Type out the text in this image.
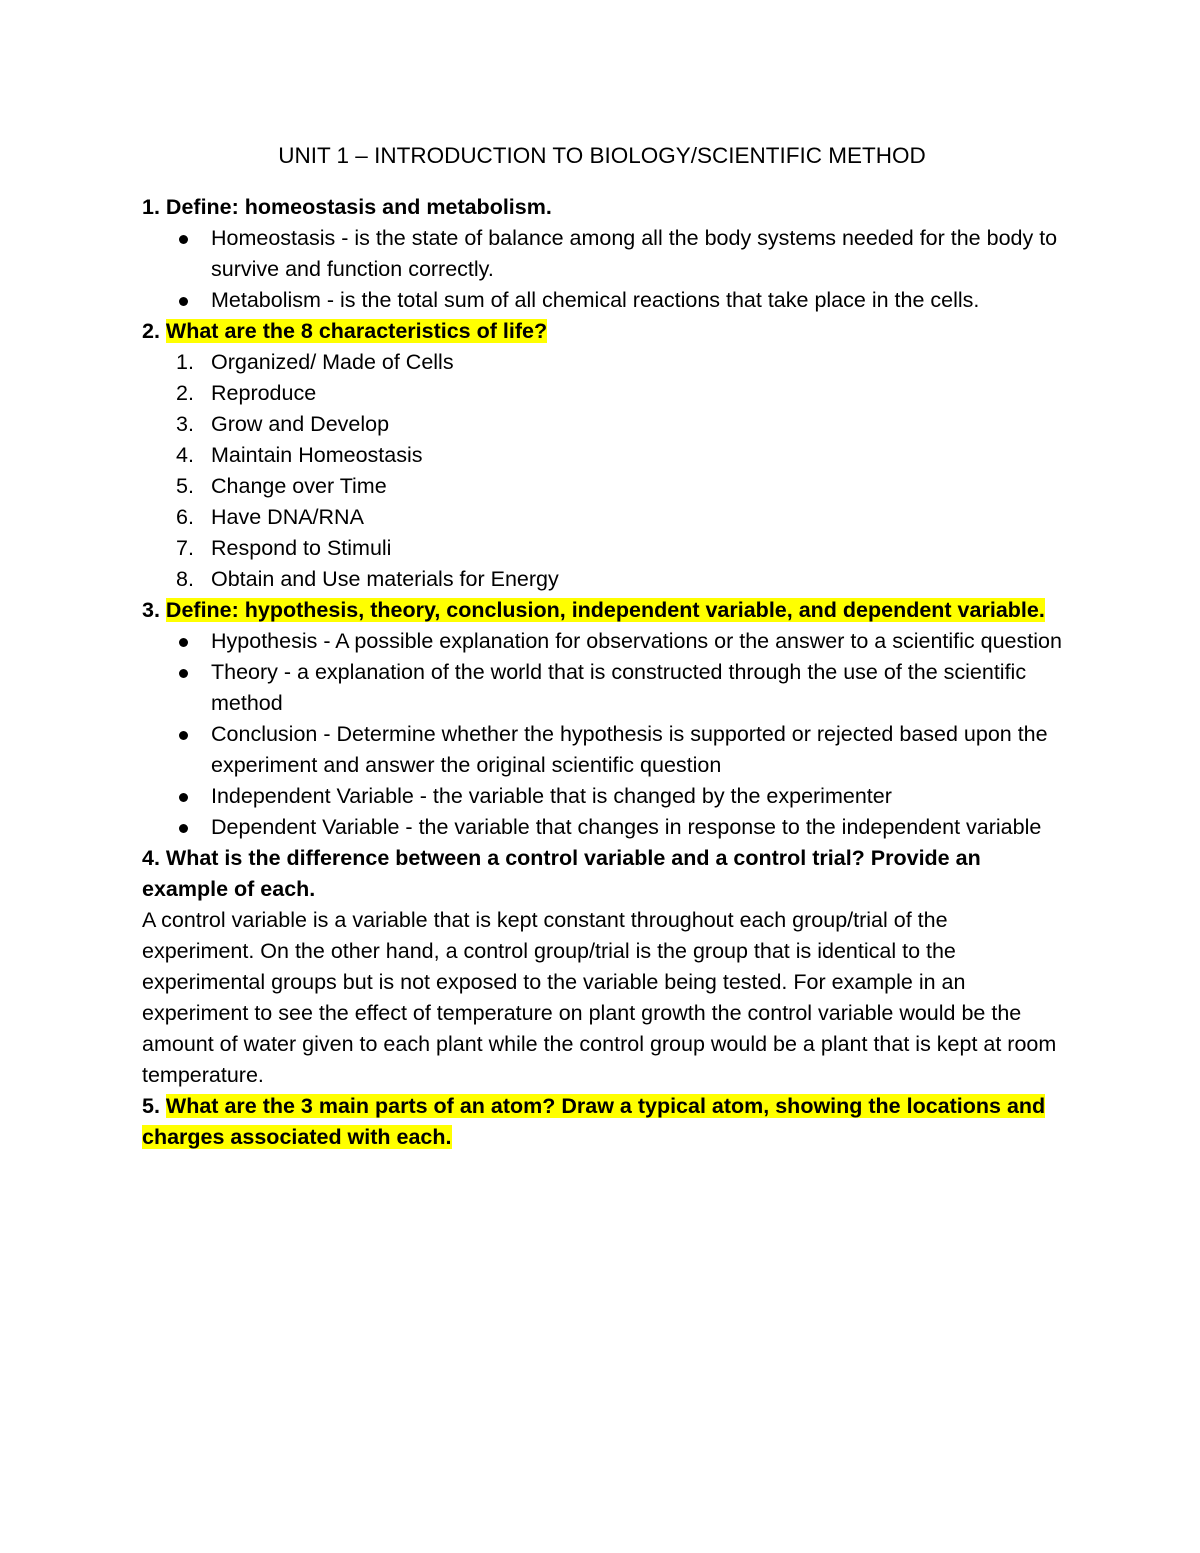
UNIT 1 – INTRODUCTION TO BIOLOGY/SCIENTIFIC METHOD

1. Define: homeostasis and metabolism.

Homeostasis - is the state of balance among all the body systems needed for the body to survive and function correctly.
Metabolism - is the total sum of all chemical reactions that take place in the cells.

2. What are the 8 characteristics of life?

1. Organized/ Made of Cells
2. Reproduce
3. Grow and Develop
4. Maintain Homeostasis
5. Change over Time
6. Have DNA/RNA
7. Respond to Stimuli
8. Obtain and Use materials for Energy

3. Define: hypothesis, theory, conclusion, independent variable, and dependent variable.

Hypothesis - A possible explanation for observations or the answer to a scientific question
Theory - a explanation of the world that is constructed through the use of the scientific method
Conclusion - Determine whether the hypothesis is supported or rejected based upon the experiment and answer the original scientific question
Independent Variable - the variable that is changed by the experimenter
Dependent Variable - the variable that changes in response to the independent variable

4. What is the difference between a control variable and a control trial? Provide an example of each.

A control variable is a variable that is kept constant throughout each group/trial of the experiment. On the other hand, a control group/trial is the group that is identical to the experimental groups but is not exposed to the variable being tested. For example in an experiment to see the effect of temperature on plant growth the control variable would be the amount of water given to each plant while the control group would be a plant that is kept at room temperature.

5. What are the 3 main parts of an atom? Draw a typical atom, showing the locations and charges associated with each.
